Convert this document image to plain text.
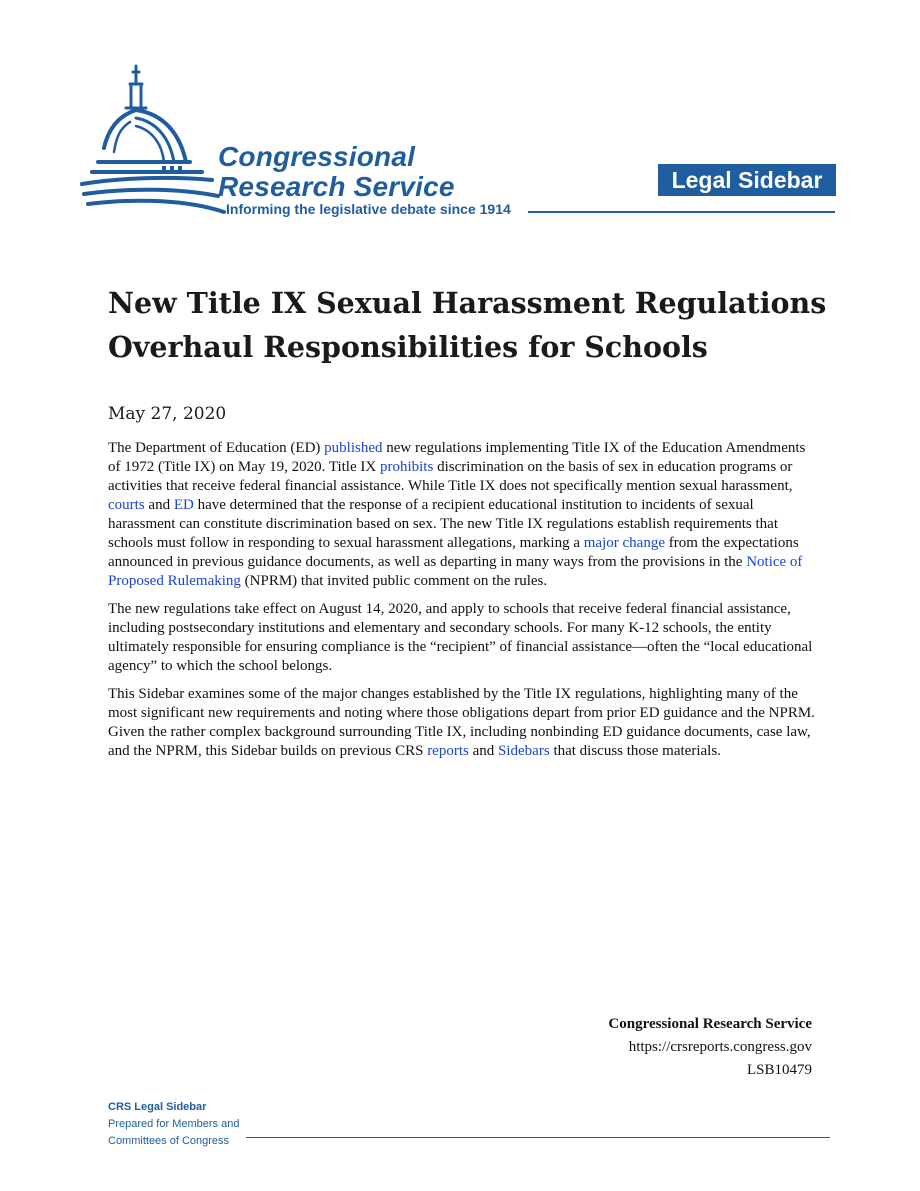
Congressional
Research Service
Informing the legislative debate since 1914
Legal Sidebar
New Title IX Sexual Harassment Regulations Overhaul Responsibilities for Schools
May 27, 2020

The Department of Education (ED) published new regulations implementing Title IX of the Education Amendments of 1972 (Title IX) on May 19, 2020. Title IX prohibits discrimination on the basis of sex in education programs or activities that receive federal financial assistance. While Title IX does not specifically mention sexual harassment, courts and ED have determined that the response of a recipient educational institution to incidents of sexual harassment can constitute discrimination based on sex. The new Title IX regulations establish requirements that schools must follow in responding to sexual harassment allegations, marking a major change from the expectations announced in previous guidance documents, as well as departing in many ways from the provisions in the Notice of Proposed Rulemaking (NPRM) that invited public comment on the rules.

The new regulations take effect on August 14, 2020, and apply to schools that receive federal financial assistance, including postsecondary institutions and elementary and secondary schools. For many K-12 schools, the entity ultimately responsible for ensuring compliance is the “recipient” of financial assistance—often the “local educational agency” to which the school belongs.

This Sidebar examines some of the major changes established by the Title IX regulations, highlighting many of the most significant new requirements and noting where those obligations depart from prior ED guidance and the NPRM. Given the rather complex background surrounding Title IX, including nonbinding ED guidance documents, case law, and the NPRM, this Sidebar builds on previous CRS reports and Sidebars that discuss those materials.

Congressional Research Service
https://crsreports.congress.gov
LSB10479
CRS Legal Sidebar
Prepared for Members and
Committees of Congress
